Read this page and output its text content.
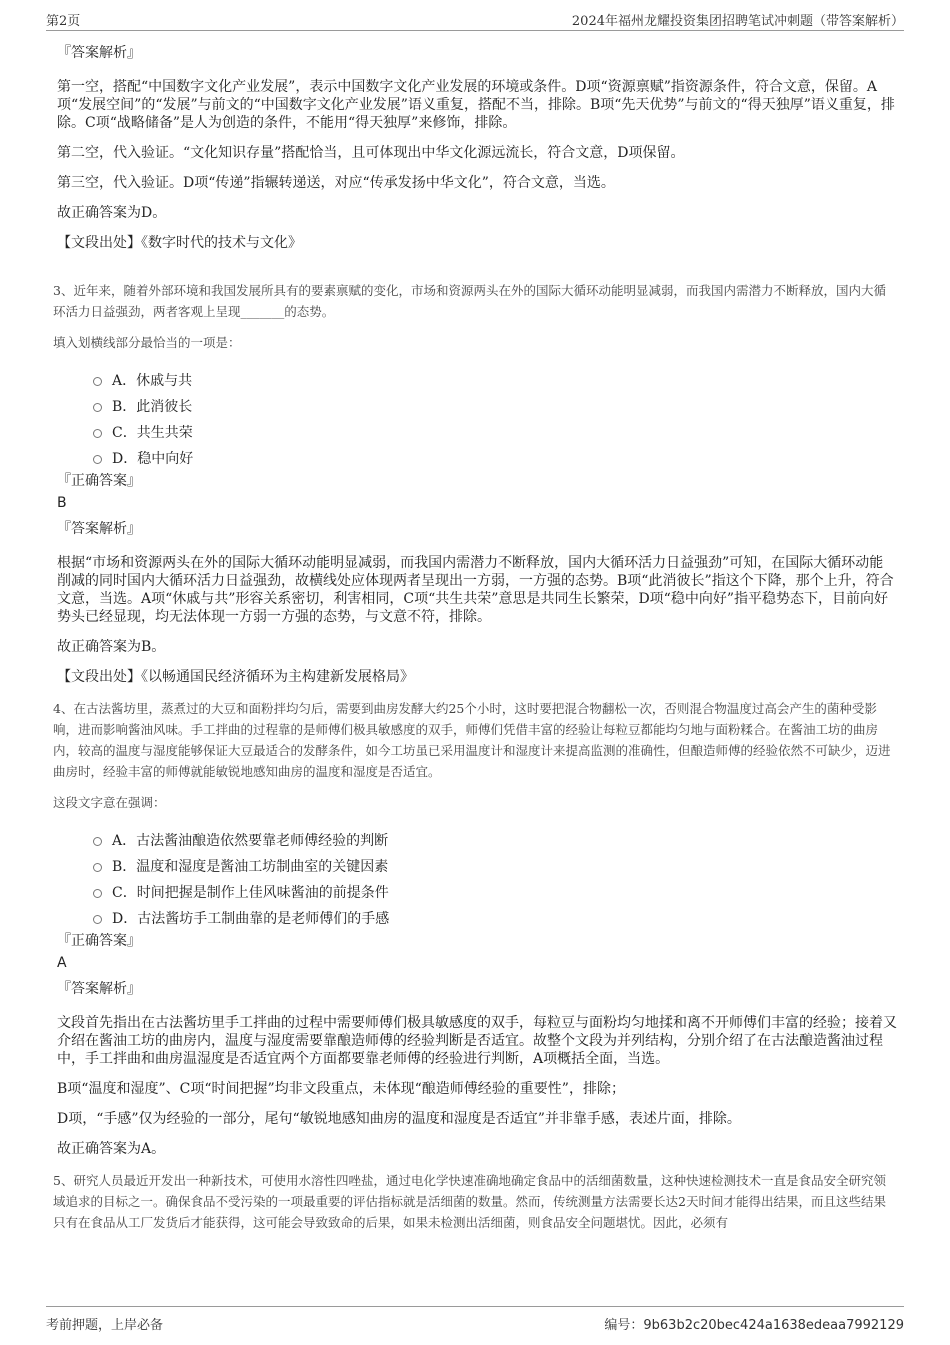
第2页	2024年福州龙耀投资集团招聘笔试冲刺题（带答案解析）

『答案解析』

第一空，搭配“中国数字文化产业发展”，表示中国数字文化产业发展的环境或条件。D项“资源禀赋”指资源条件，符合文意，保留。A项“发展空间”的“发展”与前文的“中国数字文化产业发展”语义重复，搭配不当，排除。B项“先天优势”与前文的“得天独厚”语义重复，排除。C项“战略储备”是人为创造的条件，不能用“得天独厚”来修饰，排除。

第二空，代入验证。“文化知识存量”搭配恰当，且可体现出中华文化源远流长，符合文意，D项保留。

第三空，代入验证。D项“传递”指辗转递送，对应“传承发扬中华文化”，符合文意，当选。

故正确答案为D。

【文段出处】《数字时代的技术与文化》

3、近年来，随着外部环境和我国发展所具有的要素禀赋的变化，市场和资源两头在外的国际大循环动能明显减弱，而我国内需潜力不断释放，国内大循环活力日益强劲，两者客观上呈现_______的态势。

填入划横线部分最恰当的一项是：

A．休戚与共
B．此消彼长
C．共生共荣
D．稳中向好

『正确答案』

B

『答案解析』

根据“市场和资源两头在外的国际大循环动能明显减弱，而我国内需潜力不断释放，国内大循环活力日益强劲”可知，在国际大循环动能削减的同时国内大循环活力日益强劲，故横线处应体现两者呈现出一方弱，一方强的态势。B项“此消彼长”指这个下降，那个上升，符合文意，当选。A项“休戚与共”形容关系密切，利害相同，C项“共生共荣”意思是共同生长繁荣，D项“稳中向好”指平稳势态下，目前向好势头已经显现，均无法体现一方弱一方强的态势，与文意不符，排除。

故正确答案为B。

【文段出处】《以畅通国民经济循环为主构建新发展格局》

4、在古法酱坊里，蒸煮过的大豆和面粉拌均匀后，需要到曲房发酵大约25个小时，这时要把混合物翻松一次，否则混合物温度过高会产生的菌种受影响，进而影响酱油风味。手工拌曲的过程靠的是师傅们极具敏感度的双手，师傅们凭借丰富的经验让每粒豆都能均匀地与面粉糅合。在酱油工坊的曲房内，较高的温度与湿度能够保证大豆最适合的发酵条件，如今工坊虽已采用温度计和湿度计来提高监测的准确性，但酿造师傅的经验依然不可缺少，迈进曲房时，经验丰富的师傅就能敏锐地感知曲房的温度和湿度是否适宜。

这段文字意在强调：

A．古法酱油酿造依然要靠老师傅经验的判断
B．温度和湿度是酱油工坊制曲室的关键因素
C．时间把握是制作上佳风味酱油的前提条件
D．古法酱坊手工制曲靠的是老师傅们的手感

『正确答案』

A

『答案解析』

文段首先指出在古法酱坊里手工拌曲的过程中需要师傅们极具敏感度的双手，每粒豆与面粉均匀地揉和离不开师傅们丰富的经验；接着又介绍在酱油工坊的曲房内，温度与湿度需要靠酿造师傅的经验判断是否适宜。故整个文段为并列结构，分别介绍了在古法酿造酱油过程中，手工拌曲和曲房温湿度是否适宜两个方面都要靠老师傅的经验进行判断，A项概括全面，当选。

B项“温度和湿度”、C项“时间把握”均非文段重点，未体现“酿造师傅经验的重要性”，排除；

D项，“手感”仅为经验的一部分，尾句“敏锐地感知曲房的温度和湿度是否适宜”并非靠手感，表述片面，排除。

故正确答案为A。

5、研究人员最近开发出一种新技术，可使用水溶性四唑盐，通过电化学快速准确地确定食品中的活细菌数量，这种快速检测技术一直是食品安全研究领域追求的目标之一。确保食品不受污染的一项最重要的评估指标就是活细菌的数量。然而，传统测量方法需要长达2天时间才能得出结果，而且这些结果只有在食品从工厂发货后才能获得，这可能会导致致命的后果，如果未检测出活细菌，则食品安全问题堪忧。因此，必须有

考前押题，上岸必备	编号：9b63b2c20bec424a1638edeaa7992129
